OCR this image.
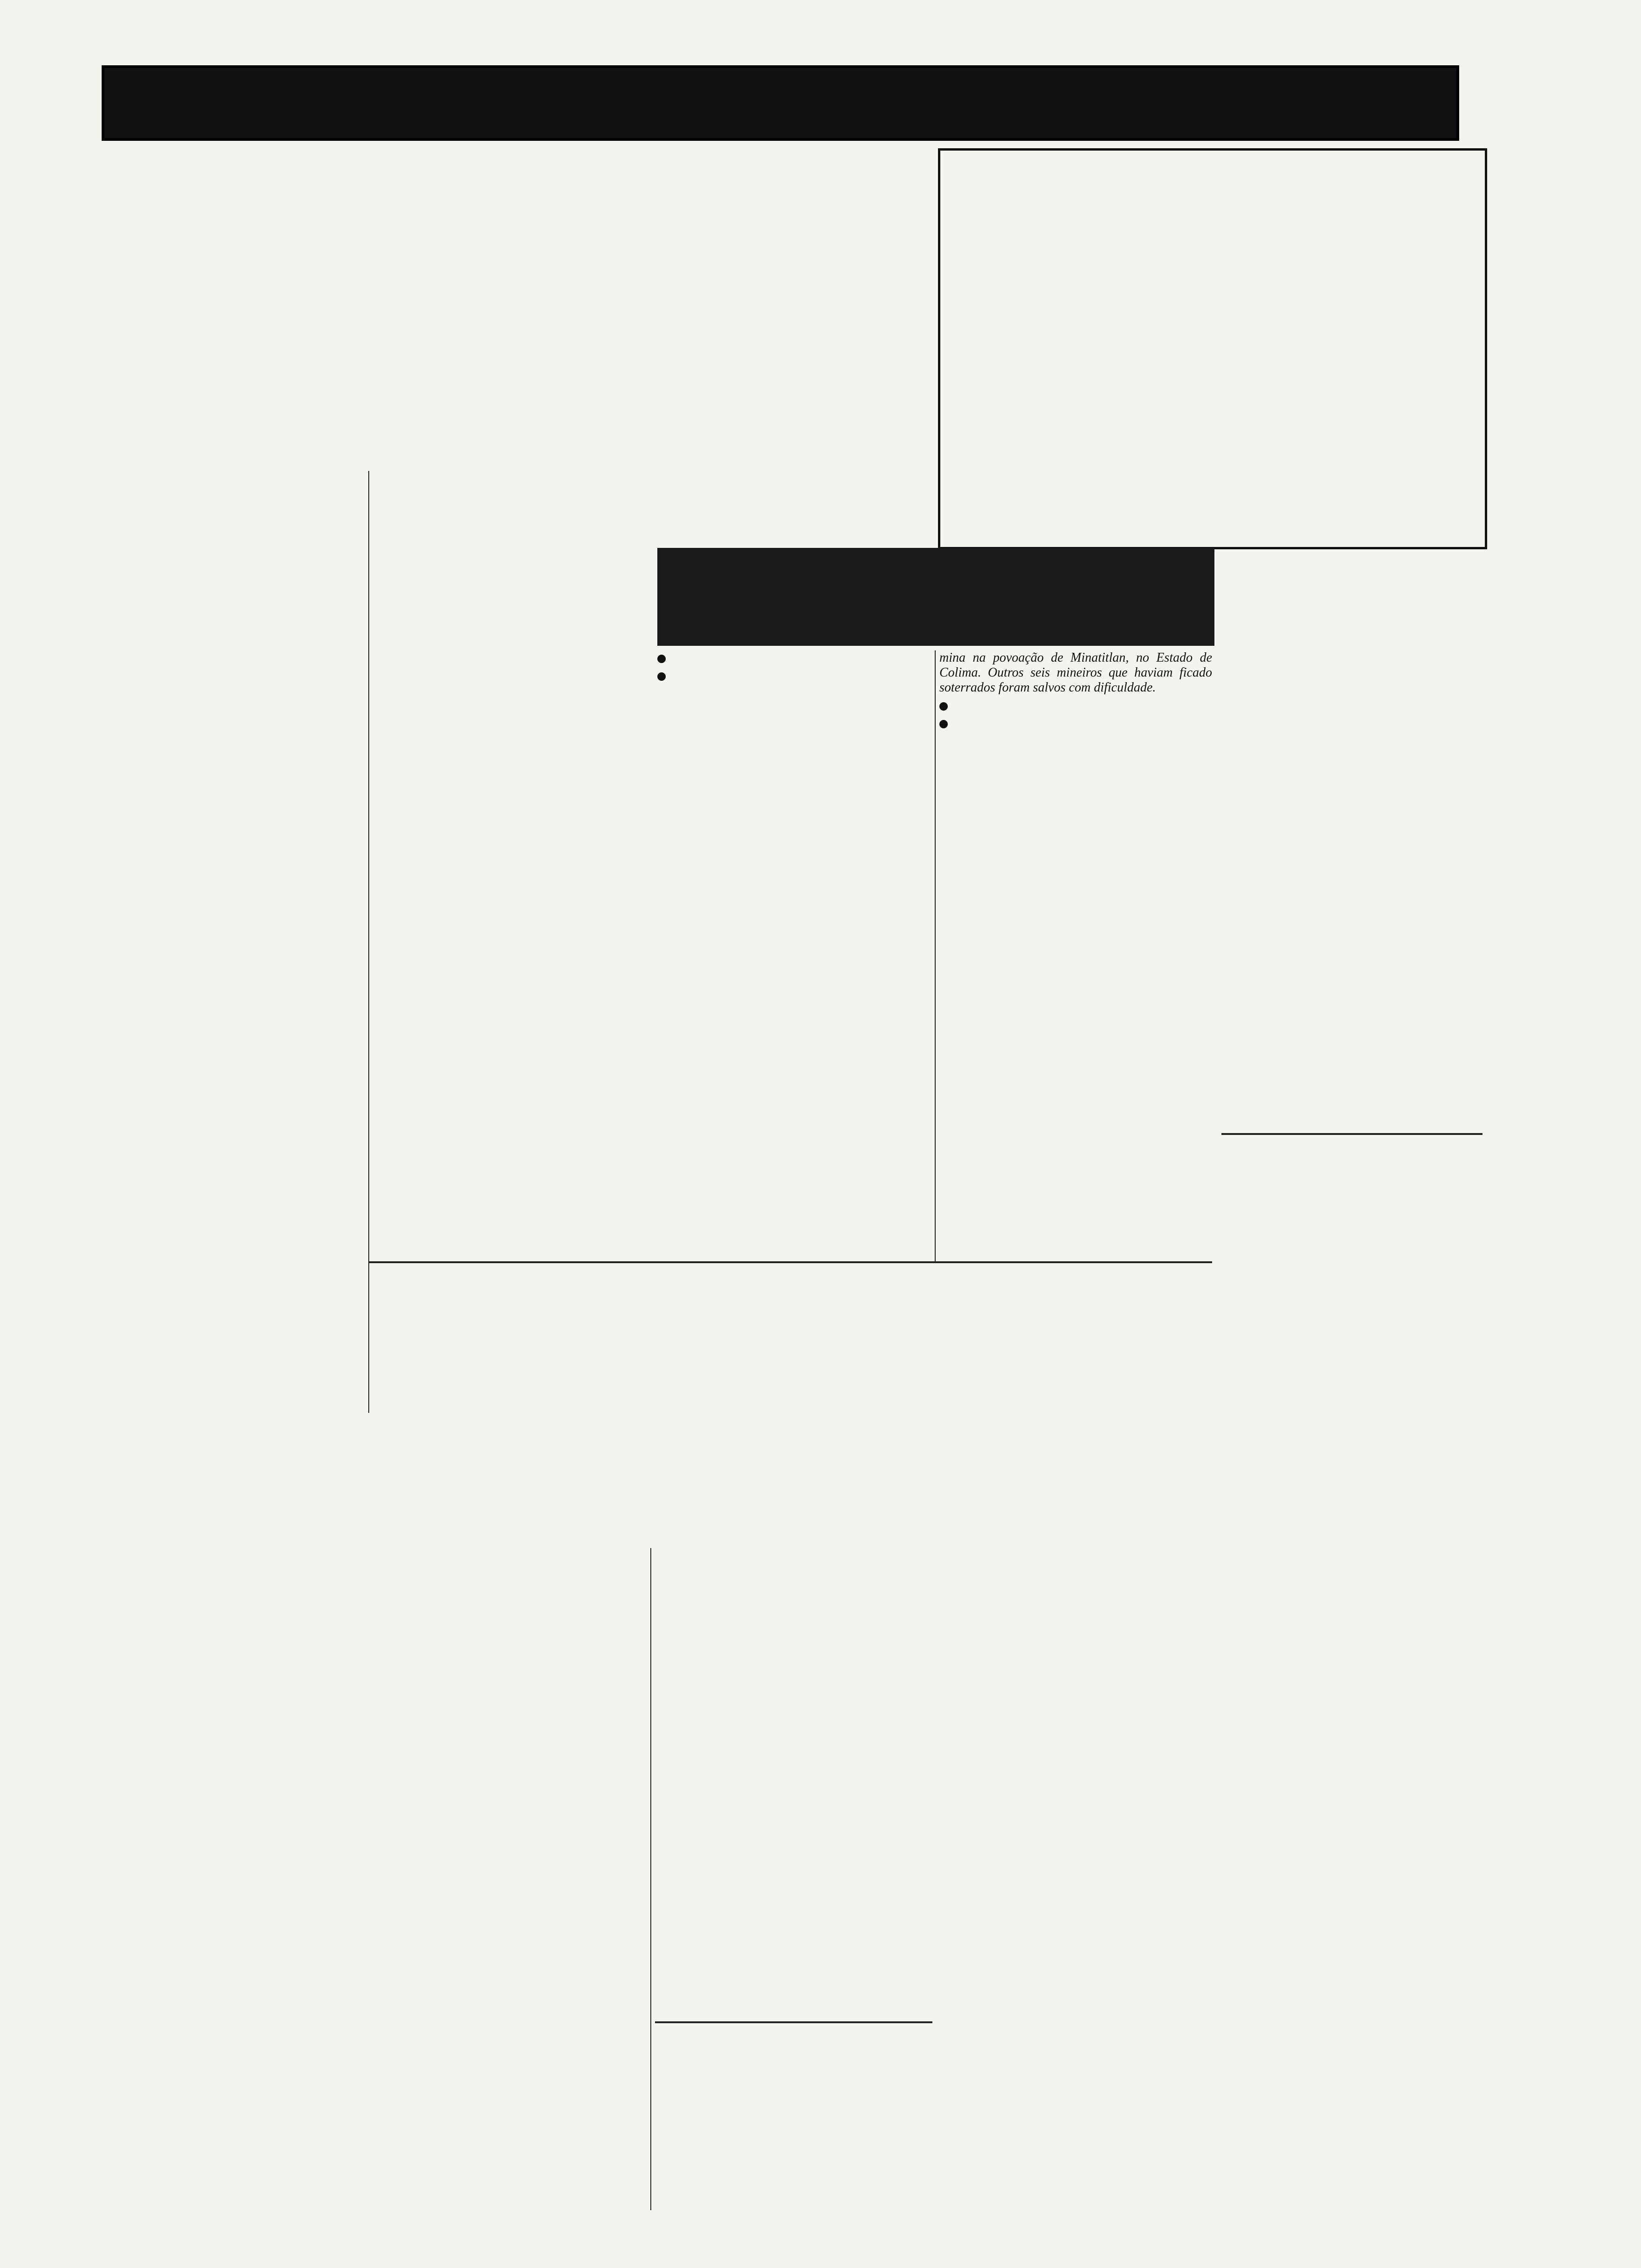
mina na povoação de Minatitlan, no Estado de Colima. Outros seis mineiros que haviam ficado soterrados foram salvos com dificuldade.
